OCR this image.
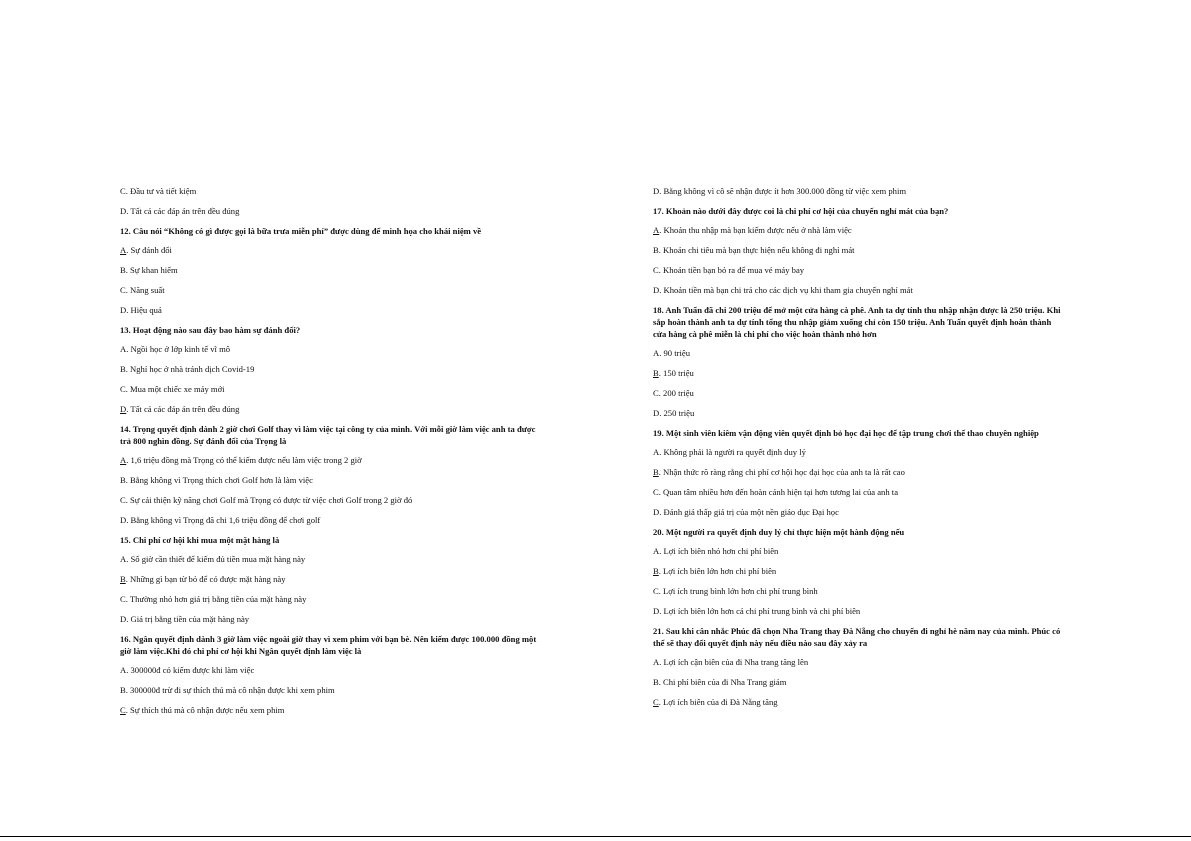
C. Đầu tư và tiết kiệm

D. Tất cả các đáp án trên đều đúng

12. Câu nói “Không có gì được gọi là bữa trưa miễn phí” được dùng để minh họa cho khái niệm về

A. Sự đánh đổi

B. Sự khan hiếm

C. Năng suất

D. Hiệu quả

13. Hoạt động nào sau đây bao hàm sự đánh đổi?

A. Ngồi học ở lớp kinh tế vĩ mô

B. Nghỉ học ở nhà tránh dịch Covid-19

C. Mua một chiếc xe máy mới

D. Tất cả các đáp án trên đều đúng

14. Trọng quyết định dành 2 giờ chơi Golf thay vì làm việc tại công ty của mình. Với mỗi giờ làm việc anh ta được trả 800 nghìn đồng. Sự đánh đổi của Trọng là

A. 1,6 triệu đồng mà Trọng có thể kiếm được nếu làm việc trong 2 giờ

B. Bằng không vì Trọng thích chơi Golf hơn là làm việc

C. Sự cải thiện kỹ năng chơi Golf mà Trọng có được từ việc chơi Golf trong 2 giờ đó

D. Bằng không vì Trọng đã chi 1,6 triệu đồng để chơi golf

15. Chi phí cơ hội khi mua một mặt hàng là

A. Số giờ cần thiết để kiếm đủ tiền mua mặt hàng này

B. Những gì bạn từ bỏ để có được mặt hàng này

C. Thường nhỏ hơn giá trị bằng tiền của mặt hàng này

D. Giá trị bằng tiền của mặt hàng này

16. Ngân quyết định dành 3 giờ làm việc ngoài giờ thay vì xem phim với bạn bè. Nên kiếm được 100.000 đồng một giờ làm việc.Khi đó chi phí cơ hội khi Ngân quyết định làm việc là

A. 300000đ có kiếm được khi làm việc

B. 300000đ trừ đi sự thích thú mà cô nhận được khi xem phim

C. Sự thích thú mà cô nhận được nếu xem phim

D. Bằng không vì cô sẽ nhận được ít hơn 300.000 đồng từ việc xem phim

17. Khoản nào dưới đây được coi là chi phí cơ hội của chuyến nghỉ mát của bạn?

A. Khoản thu nhập mà bạn kiếm được nếu ở nhà làm việc

B. Khoản chi tiêu mà bạn thực hiện nếu không đi nghỉ mát

C. Khoản tiền bạn bỏ ra để mua vé máy bay

D. Khoản tiền mà bạn chi trả cho các dịch vụ khi tham gia chuyến nghỉ mát

18. Anh Tuấn đã chi 200 triệu để mở một cửa hàng cà phê. Anh ta dự tính thu nhập nhận được là 250 triệu. Khi sắp hoàn thành anh ta dự tính tổng thu nhập giảm xuống chỉ còn 150 triệu. Anh Tuấn quyết định hoàn thành cửa hàng cà phê miễn là chi phí cho việc hoàn thành nhỏ hơn

A. 90 triệu

B. 150 triệu

C. 200 triệu

D. 250 triệu

19. Một sinh viên kiêm vận động viên quyết định bỏ học đại học để tập trung chơi thể thao chuyên nghiệp

A. Không phải là người ra quyết định duy lý

B. Nhận thức rõ ràng rằng chi phí cơ hội học đại học của anh ta là rất cao

C. Quan tâm nhiều hơn đến hoàn cảnh hiện tại hơn tương lai của anh ta

D. Đánh giá thấp giá trị của một nền giáo dục Đại học

20. Một người ra quyết định duy lý chỉ thực hiện một hành động nếu

A. Lợi ích biên nhỏ hơn chi phí biên

B. Lợi ích biên lớn hơn chi phí biên

C. Lợi ích trung bình lớn hơn chi phí trung bình

D. Lợi ích biên lớn hơn cả chi phí trung bình và chi phí biên

21. Sau khi cân nhắc Phúc đã chọn Nha Trang thay Đà Nẵng cho chuyến đi nghỉ hè năm nay của mình. Phúc có thể sẽ thay đổi quyết định này nếu điều nào sau đây xảy ra

A. Lợi ích cận biên của đi Nha trang tăng lên

B. Chi phí biên của đi Nha Trang giảm

C. Lợi ích biên của đi Đà Nẵng tăng
